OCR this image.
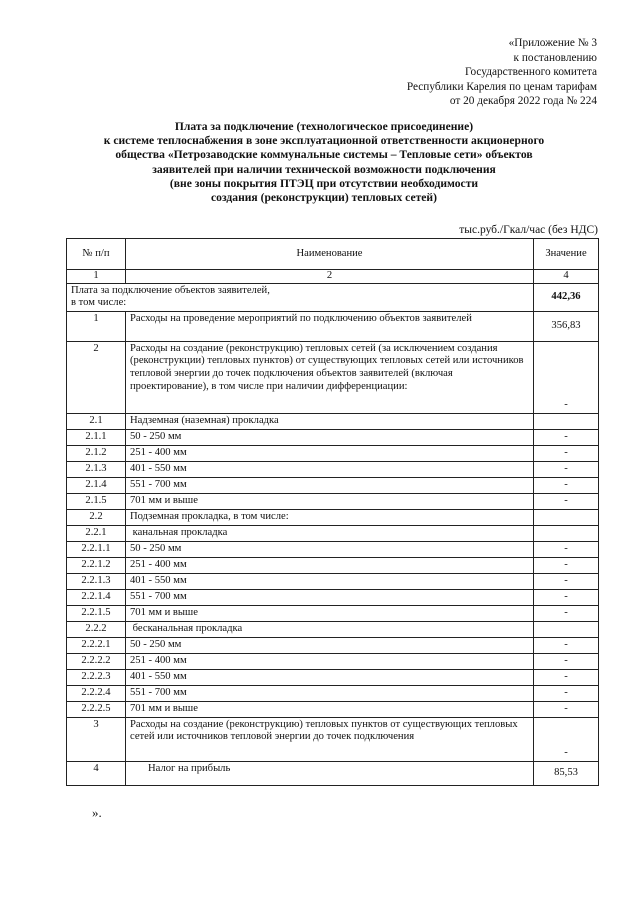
«Приложение № 3
к постановлению
Государственного комитета
Республики Карелия по ценам тарифам
от 20 декабря 2022 года № 224
Плата за подключение (технологическое присоединение)
к системе теплоснабжения в зоне эксплуатационной ответственности акционерного
общества «Петрозаводские коммунальные системы – Тепловые сети» объектов
заявителей при наличии технической возможности подключения
(вне зоны покрытия ПТЭЦ при отсутствии необходимости
создания (реконструкции) тепловых сетей)
тыс.руб./Гкал/час (без НДС)
№ п/п	Наименование	Значение
1	2	4
Плата за подключение объектов заявителей,
в том числе:		442,36
1	Расходы на проведение мероприятий по подключению объектов заявителей	356,83
2	Расходы на создание (реконструкцию) тепловых сетей (за исключением создания (реконструкции) тепловых пунктов) от существующих тепловых сетей или источников тепловой энергии до точек подключения объектов заявителей (включая проектирование), в том числе при наличии дифференциации:	-
2.1	Надземная (наземная) прокладка	
2.1.1	50 - 250 мм	-
2.1.2	251 - 400 мм	-
2.1.3	401 - 550 мм	-
2.1.4	551 - 700 мм	-
2.1.5	701 мм и выше	-
2.2	Подземная прокладка, в том числе:	
2.2.1	канальная прокладка	
2.2.1.1	50 - 250 мм	-
2.2.1.2	251 - 400 мм	-
2.2.1.3	401 - 550 мм	-
2.2.1.4	551 - 700 мм	-
2.2.1.5	701 мм и выше	-
2.2.2	бесканальная прокладка	
2.2.2.1	50 - 250 мм	-
2.2.2.2	251 - 400 мм	-
2.2.2.3	401 - 550 мм	-
2.2.2.4	551 - 700 мм	-
2.2.2.5	701 мм и выше	-
3	Расходы на создание (реконструкцию) тепловых пунктов от существующих тепловых сетей или источников тепловой энергии до точек подключения	-
4	Налог на прибыль	85,53
».
